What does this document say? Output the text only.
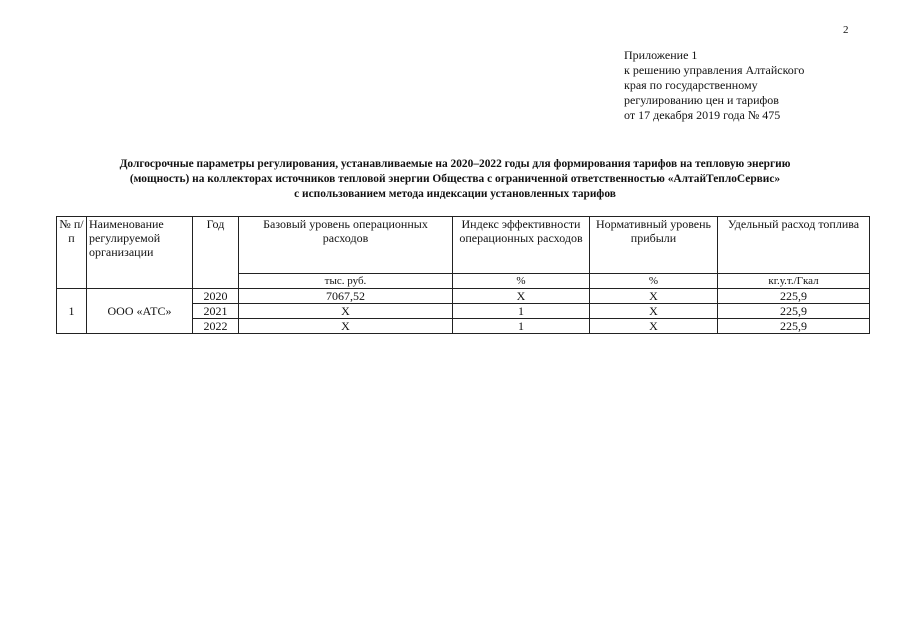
2
Приложение 1
к решению управления Алтайского
края по государственному
регулированию цен и тарифов
от 17 декабря 2019 года № 475
Долгосрочные параметры регулирования, устанавливаемые на 2020–2022 годы для формирования тарифов на тепловую энергию
(мощность) на коллекторах источников тепловой энергии Общества с ограниченной ответственностью «АлтайТеплоСервис»
с использованием метода индексации установленных тарифов
№ п/п	Наименование регулируемой организации	Год	Базовый уровень операционных расходов	Индекс эффективности операционных расходов	Нормативный уровень прибыли	Удельный расход топлива
			тыс. руб.	%	%	кг.у.т./Гкал
1	ООО «АТС»	2020	7067,52	Х	Х	225,9
		2021	Х	1	Х	225,9
		2022	Х	1	Х	225,9
